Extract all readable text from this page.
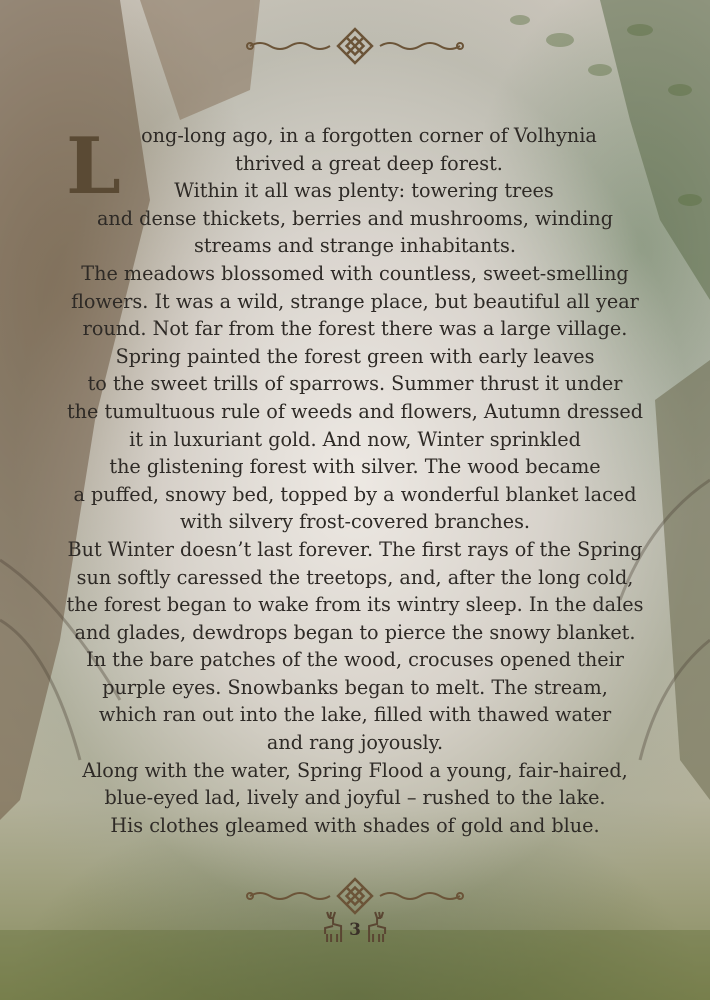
L	ong-long ago, in a forgotten corner of Volhynia
thrived a great deep forest.
Within it all was plenty: towering trees
and dense thickets, berries and mushrooms, winding
streams and strange inhabitants.
The meadows blossomed with countless, sweet-smelling
flowers. It was a wild, strange place, but beautiful all year
round. Not far from the forest there was a large village.
Spring painted the forest green with early leaves
to the sweet trills of sparrows. Summer thrust it under
the tumultuous rule of weeds and flowers, Autumn dressed
it in luxuriant gold. And now, Winter sprinkled
the glistening forest with silver. The wood became
a puffed, snowy bed, topped by a wonderful blanket laced
with silvery frost-covered branches.
But Winter doesn’t last forever. The first rays of the Spring
sun softly caressed the treetops, and, after the long cold,
the forest began to wake from its wintry sleep. In the dales
and glades, dewdrops began to pierce the snowy blanket.
In the bare patches of the wood, crocuses opened their
purple eyes. Snowbanks began to melt. The stream,
which ran out into the lake, filled with thawed water
and rang joyously.
Along with the water, Spring Flood a young, fair-haired,
blue-eyed lad, lively and joyful – rushed to the lake.
His clothes gleamed with shades of gold and blue.
3
